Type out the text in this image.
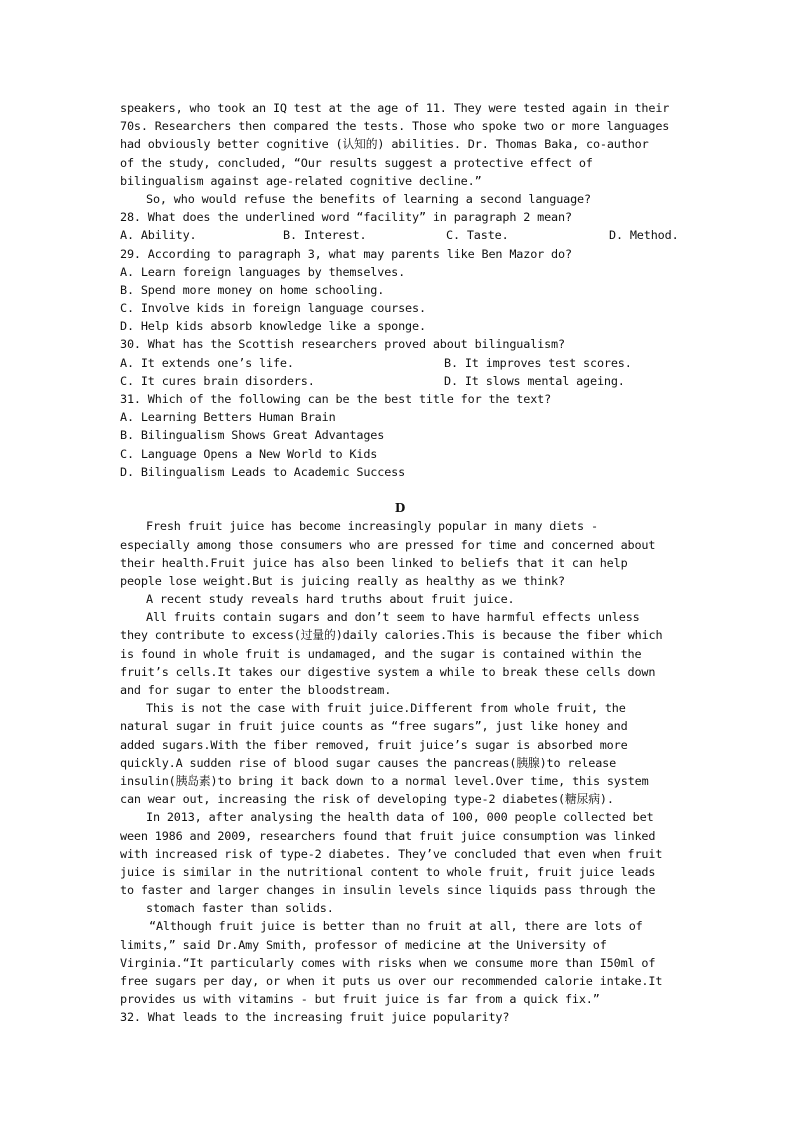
speakers, who took an IQ test at the age of 11. They were tested again in their
70s. Researchers then compared the tests. Those who spoke two or more languages
had obviously better cognitive (认知的) abilities. Dr. Thomas Baka, co-author
of the study, concluded, “Our results suggest a protective effect of
bilingualism against age-related cognitive decline.”
So, who would refuse the benefits of learning a second language?
28. What does the underlined word “facility” in paragraph 2 mean?
A. Ability.	B. Interest.	C. Taste.	D. Method.
29. According to paragraph 3, what may parents like Ben Mazor do?
A. Learn foreign languages by themselves.
B. Spend more money on home schooling.
C. Involve kids in foreign language courses.
D. Help kids absorb knowledge like a sponge.
30. What has the Scottish researchers proved about bilingualism?
A. It extends one’s life.	B. It improves test scores.
C. It cures brain disorders.	D. It slows mental ageing.
31. Which of the following can be the best title for the text?
A. Learning Betters Human Brain
B. Bilingualism Shows Great Advantages
C. Language Opens a New World to Kids
D. Bilingualism Leads to Academic Success

D
Fresh fruit juice has become increasingly popular in many diets -
especially among those consumers who are pressed for time and concerned about
their health.Fruit juice has also been linked to beliefs that it can help
people lose weight.But is juicing really as healthy as we think?
A recent study reveals hard truths about fruit juice.
All fruits contain sugars and don’t seem to have harmful effects unless
they contribute to excess(过量的)daily calories.This is because the fiber which
is found in whole fruit is undamaged, and the sugar is contained within the
fruit’s cells.It takes our digestive system a while to break these cells down
and for sugar to enter the bloodstream.
This is not the case with fruit juice.Different from whole fruit, the
natural sugar in fruit juice counts as “free sugars”, just like honey and
added sugars.With the fiber removed, fruit juice’s sugar is absorbed more
quickly.A sudden rise of blood sugar causes the pancreas(胰腺)to release
insulin(胰岛素)to bring it back down to a normal level.Over time, this system
can wear out, increasing the risk of developing type-2 diabetes(糖尿病).
In 2013, after analysing the health data of 100, 000 people collected bet
ween 1986 and 2009, researchers found that fruit juice consumption was linked
with increased risk of type-2 diabetes. They’ve concluded that even when fruit
juice is similar in the nutritional content to whole fruit, fruit juice leads
to faster and larger changes in insulin levels since liquids pass through the
stomach faster than solids.
“Although fruit juice is better than no fruit at all, there are lots of
limits,” said Dr.Amy Smith, professor of medicine at the University of
Virginia.“It particularly comes with risks when we consume more than I50ml of
free sugars per day, or when it puts us over our recommended calorie intake.It
provides us with vitamins - but fruit juice is far from a quick fix.”
32. What leads to the increasing fruit juice popularity?
